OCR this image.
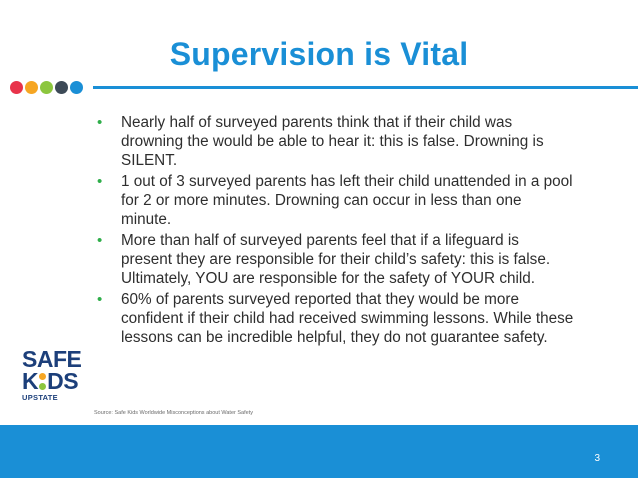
Supervision is Vital
• Nearly half of surveyed parents think that if their child was drowning the would be able to hear it: this is false. Drowning is SILENT.
• 1 out of 3 surveyed parents has left their child unattended in a pool for 2 or more minutes. Drowning can occur in less than one minute.
• More than half of surveyed parents feel that if a lifeguard is present they are responsible for their child’s safety: this is false. Ultimately, YOU are responsible for the safety of YOUR child.
• 60% of parents surveyed reported that they would be more confident if their child had received swimming lessons. While these lessons can be incredible helpful, they do not guarantee safety.
SAFE
K DS
UPSTATE
Source: Safe Kids Worldwide Misconceptions about Water Safety
3
